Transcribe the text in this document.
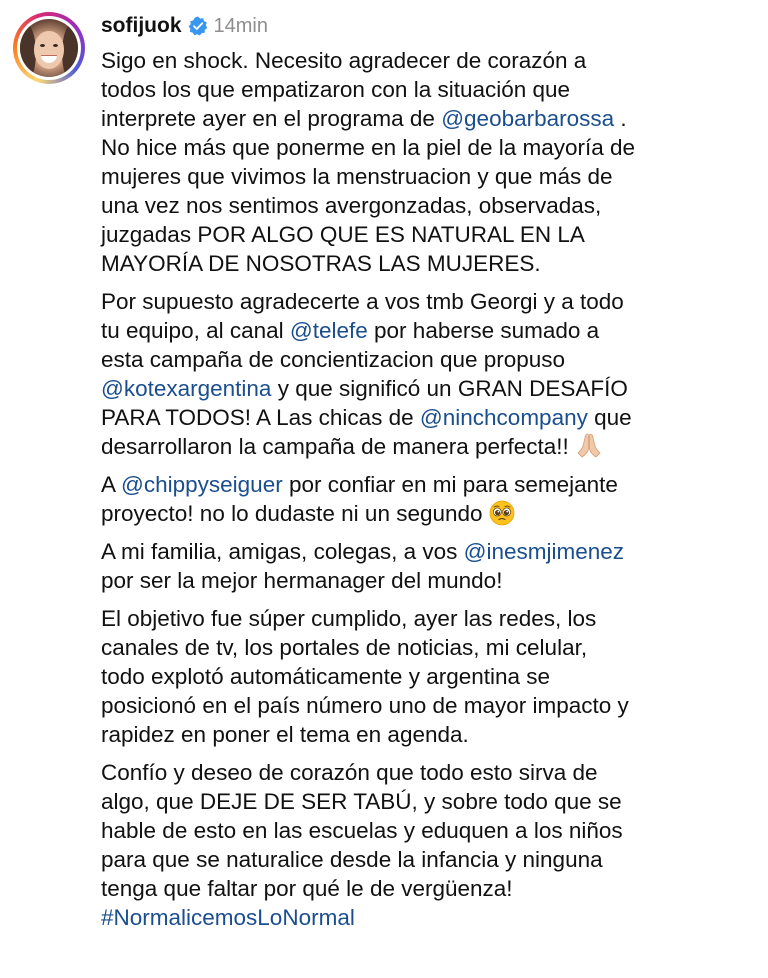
sofijuok 14min
Sigo en shock. Necesito agradecer de corazón a
todos los que empatizaron con la situación que
interprete ayer en el programa de @geobarbarossa .
No hice más que ponerme en la piel de la mayoría de
mujeres que vivimos la menstruacion y que más de
una vez nos sentimos avergonzadas, observadas,
juzgadas POR ALGO QUE ES NATURAL EN LA
MAYORÍA DE NOSOTRAS LAS MUJERES.
Por supuesto agradecerte a vos tmb Georgi y a todo
tu equipo, al canal @telefe por haberse sumado a
esta campaña de concientizacion que propuso
@kotexargentina y que significó un GRAN DESAFÍO
PARA TODOS! A Las chicas de @ninchcompany que
desarrollaron la campaña de manera perfecta!!
A @chippyseiguer por confiar en mi para semejante
proyecto! no lo dudaste ni un segundo
A mi familia, amigas, colegas, a vos @inesmjimenez
por ser la mejor hermanager del mundo!
El objetivo fue súper cumplido, ayer las redes, los
canales de tv, los portales de noticias, mi celular,
todo explotó automáticamente y argentina se
posicionó en el país número uno de mayor impacto y
rapidez en poner el tema en agenda.
Confío y deseo de corazón que todo esto sirva de
algo, que DEJE DE SER TABÚ, y sobre todo que se
hable de esto en las escuelas y eduquen a los niños
para que se naturalice desde la infancia y ninguna
tenga que faltar por qué le de vergüenza!
#NormalicemosLoNormal
